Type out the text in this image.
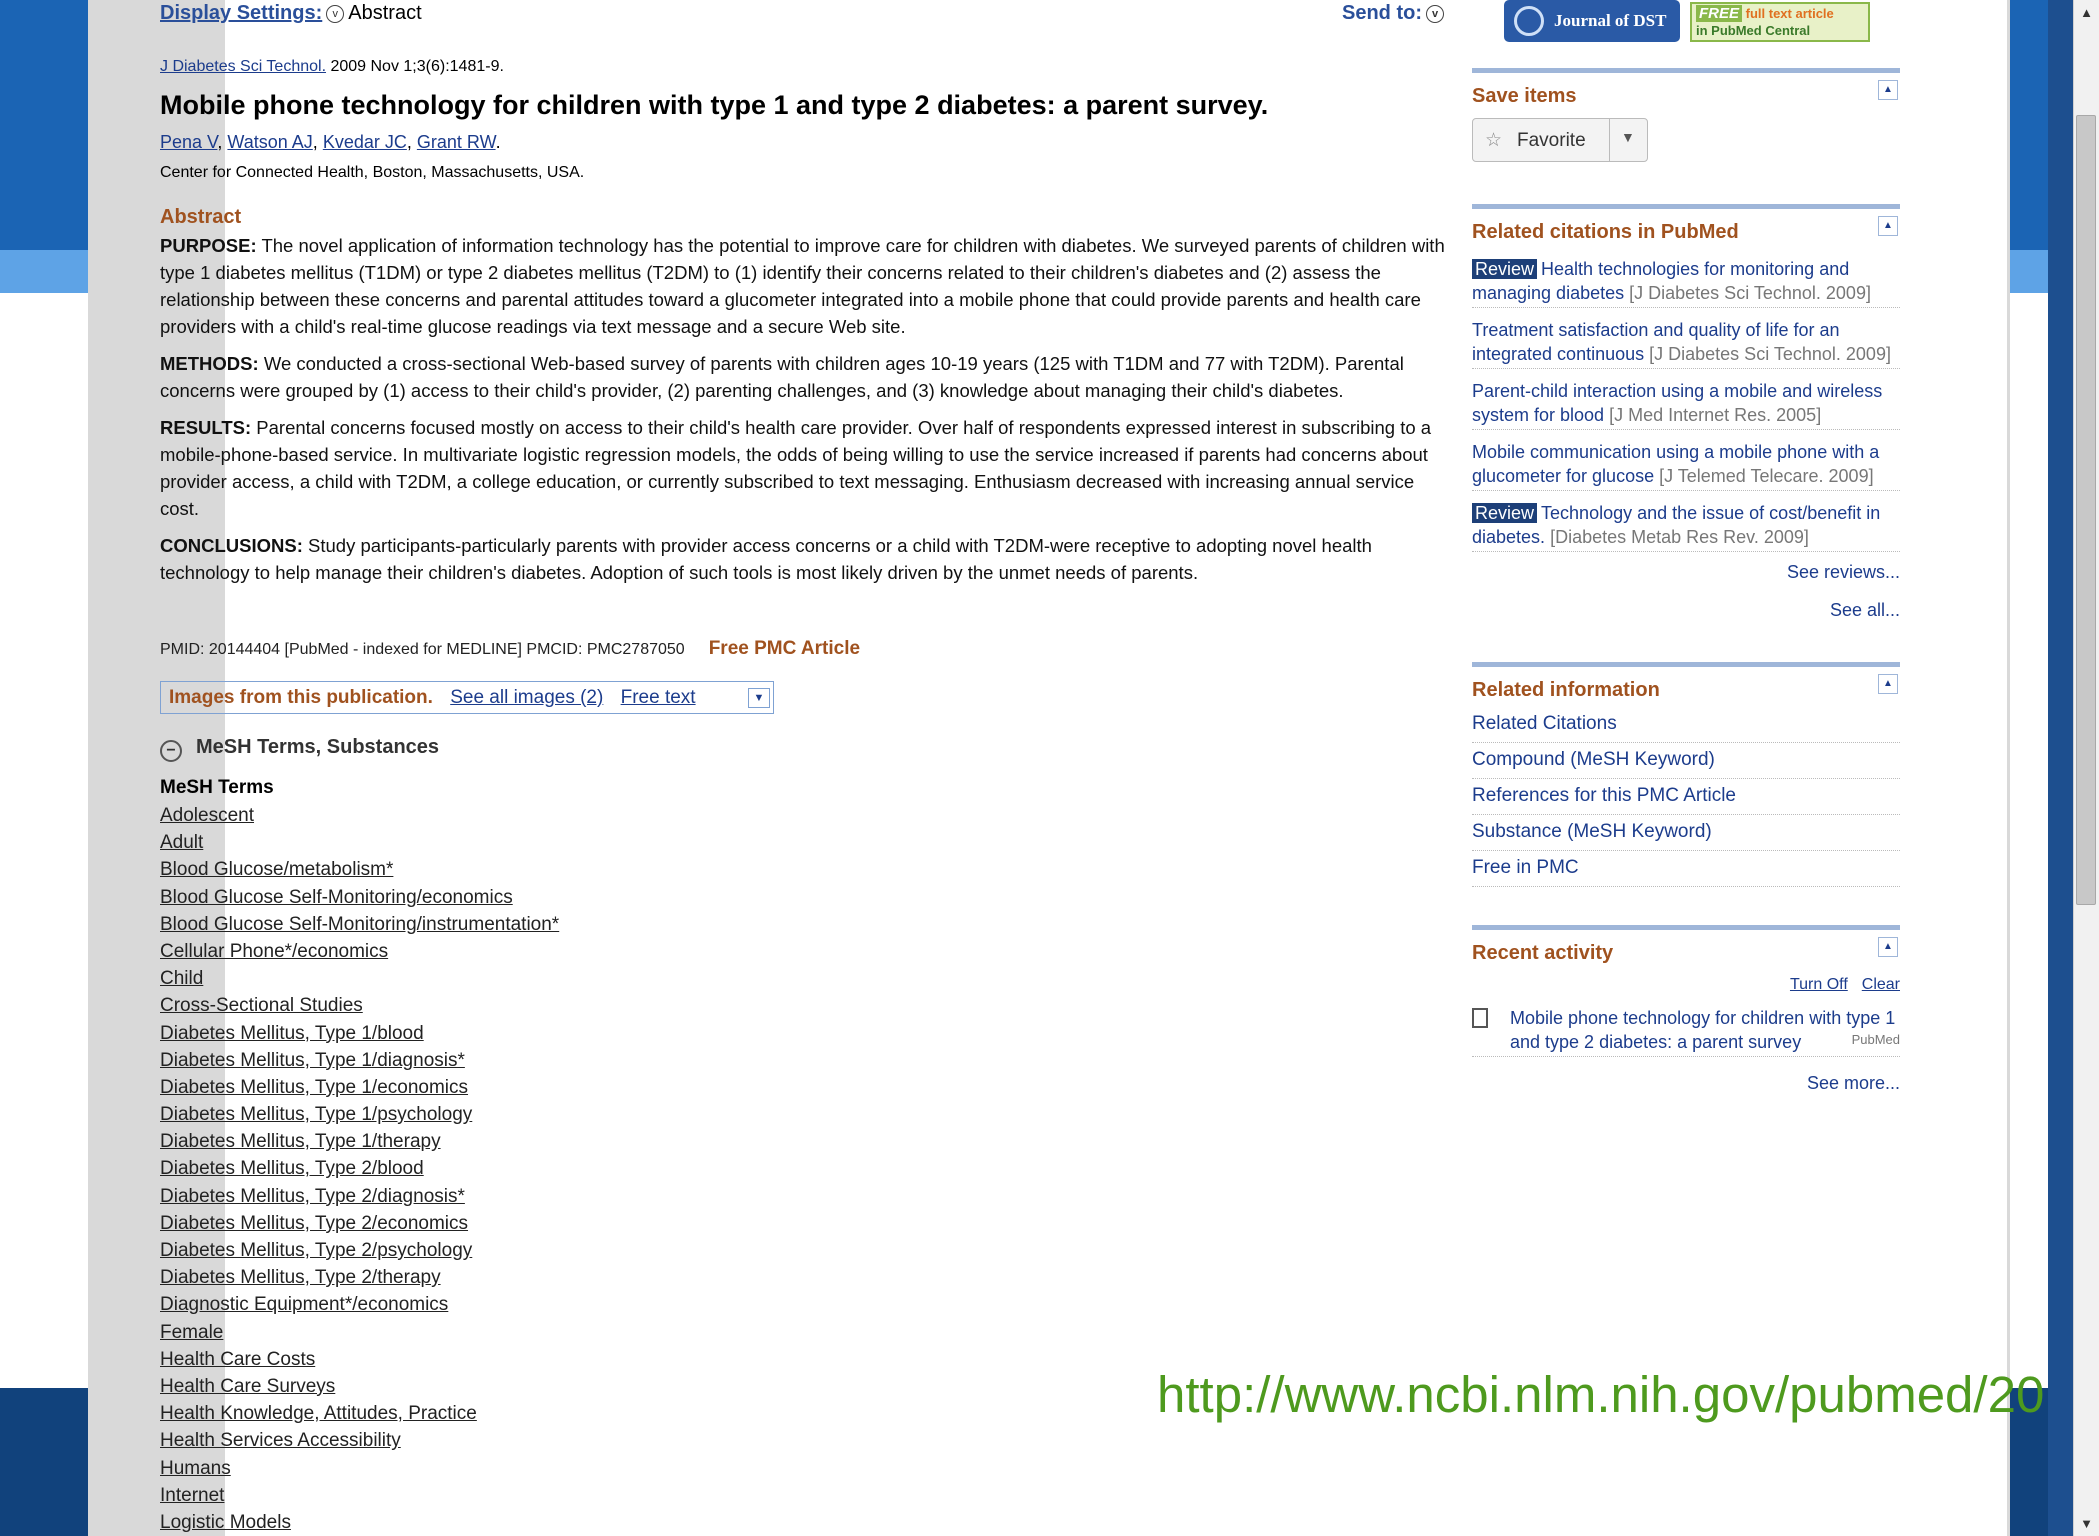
▲
▼
Display Settings: v Abstract	Send to: v
J Diabetes Sci Technol. 2009 Nov 1;3(6):1481-9.
Mobile phone technology for children with type 1 and type 2 diabetes: a parent survey.
Pena V, Watson AJ, Kvedar JC, Grant RW.
Center for Connected Health, Boston, Massachusetts, USA.
Abstract

PURPOSE: The novel application of information technology has the potential to improve care for children with diabetes. We surveyed parents of children with type 1 diabetes mellitus (T1DM) or type 2 diabetes mellitus (T2DM) to (1) identify their concerns related to their children's diabetes and (2) assess the relationship between these concerns and parental attitudes toward a glucometer integrated into a mobile phone that could provide parents and health care providers with a child's real-time glucose readings via text message and a secure Web site.

METHODS: We conducted a cross-sectional Web-based survey of parents with children ages 10-19 years (125 with T1DM and 77 with T2DM). Parental concerns were grouped by (1) access to their child's provider, (2) parenting challenges, and (3) knowledge about managing their child's diabetes.

RESULTS: Parental concerns focused mostly on access to their child's health care provider. Over half of respondents expressed interest in subscribing to a mobile-phone-based service. In multivariate logistic regression models, the odds of being willing to use the service increased if parents had concerns about provider access, a child with T2DM, a college education, or currently subscribed to text messaging. Enthusiasm decreased with increasing annual service cost.

CONCLUSIONS: Study participants-particularly parents with provider access concerns or a child with T2DM-were receptive to adopting novel health technology to help manage their children's diabetes. Adoption of such tools is most likely driven by the unmet needs of parents.

PMID: 20144404 [PubMed - indexed for MEDLINE] PMCID: PMC2787050 Free PMC Article
Images from this publication. See all images (2) Free text	▼
− MeSH Terms, Substances
MeSH Terms
Adolescent
Adult
Blood Glucose/metabolism*
Blood Glucose Self-Monitoring/economics
Blood Glucose Self-Monitoring/instrumentation*
Cellular Phone*/economics
Child
Cross-Sectional Studies
Diabetes Mellitus, Type 1/blood
Diabetes Mellitus, Type 1/diagnosis*
Diabetes Mellitus, Type 1/economics
Diabetes Mellitus, Type 1/psychology
Diabetes Mellitus, Type 1/therapy
Diabetes Mellitus, Type 2/blood
Diabetes Mellitus, Type 2/diagnosis*
Diabetes Mellitus, Type 2/economics
Diabetes Mellitus, Type 2/psychology
Diabetes Mellitus, Type 2/therapy
Diagnostic Equipment*/economics
Female
Health Care Costs
Health Care Surveys
Health Knowledge, Attitudes, Practice
Health Services Accessibility
Humans
Internet
Logistic Models
Journal of DST	FREE full text article
in PubMed Central
Save items	▲
☆ Favorite	▼
Related citations in PubMed	▲
Review Health technologies for monitoring and managing diabetes [J Diabetes Sci Technol. 2009]
Treatment satisfaction and quality of life for an integrated continuous [J Diabetes Sci Technol. 2009]
Parent-child interaction using a mobile and wireless system for blood [J Med Internet Res. 2005]
Mobile communication using a mobile phone with a glucometer for glucose [J Telemed Telecare. 2009]
Review Technology and the issue of cost/benefit in diabetes. [Diabetes Metab Res Rev. 2009]
See reviews...
See all...
Related information	▲
Related Citations
Compound (MeSH Keyword)
References for this PMC Article
Substance (MeSH Keyword)
Free in PMC
Recent activity	▲
Turn Off Clear
Mobile phone technology for children with type 1 and type 2 diabetes: a parent survey	PubMed
See more...
http://www.ncbi.nlm.nih.gov/pubmed/20
